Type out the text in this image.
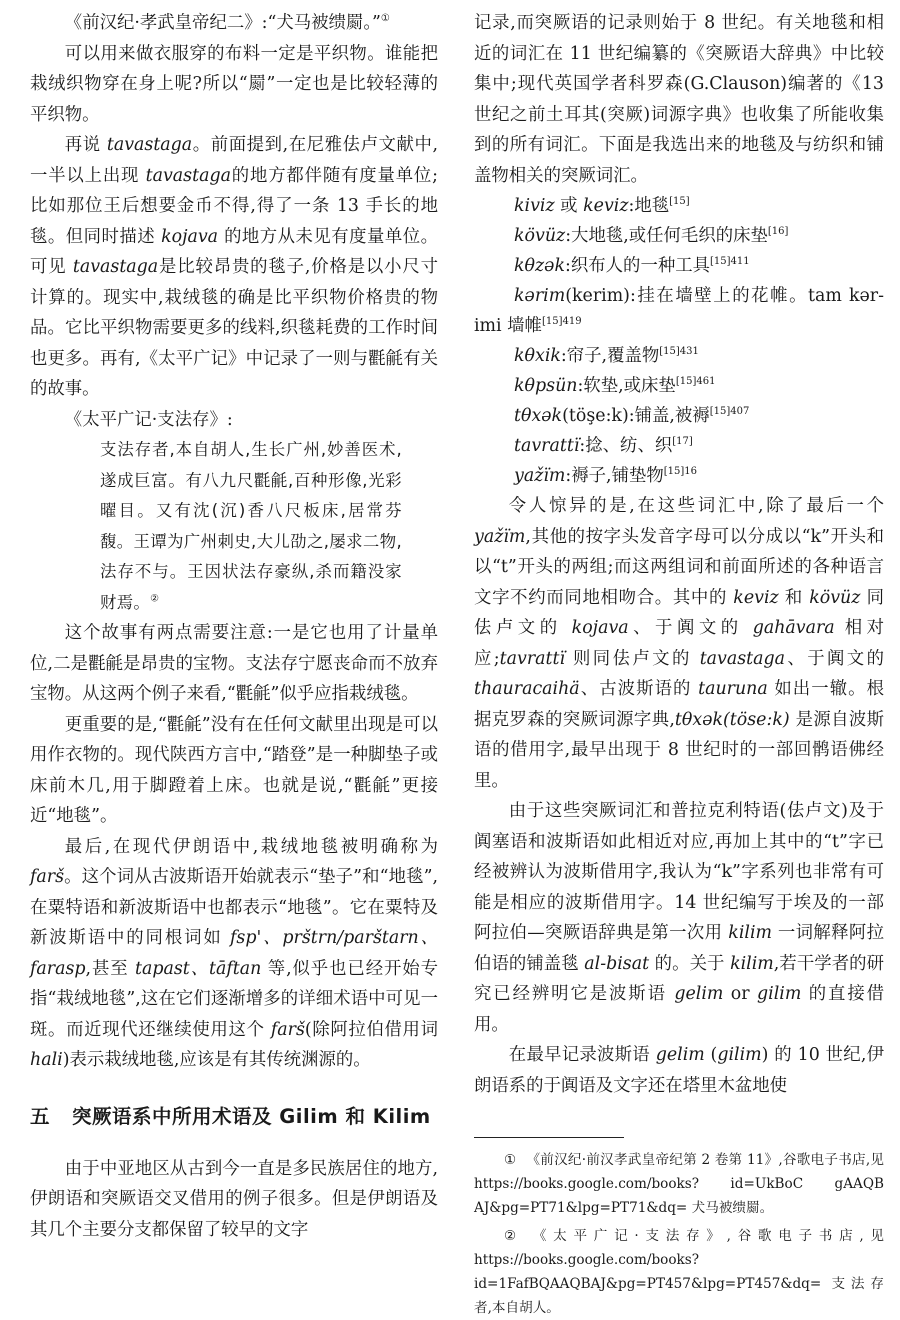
《前汉纪·孝武皇帝纪二》:“犬马被缋罽。”①

可以用来做衣服穿的布料一定是平织物。谁能把栽绒织物穿在身上呢?所以“罽”一定也是比较轻薄的平织物。

再说 tavastaga。前面提到,在尼雅佉卢文献中,一半以上出现 tavastaga的地方都伴随有度量单位;比如那位王后想要金币不得,得了一条 13 手长的地毯。但同时描述 kojava 的地方从未见有度量单位。可见 tavastaga是比较昂贵的毯子,价格是以小尺寸计算的。现实中,栽绒毯的确是比平织物价格贵的物品。它比平织物需要更多的线料,织毯耗费的工作时间也更多。再有,《太平广记》中记录了一则与氍毹有关的故事。

《太平广记·支法存》:

支法存者,本自胡人,生长广州,妙善医术,遂成巨富。有八九尺氍毹,百种形像,光彩曜目。又有沈(沉)香八尺板床,居常芬馥。王谭为广州刺史,大儿劭之,屡求二物,法存不与。王因状法存豪纵,杀而籍没家财焉。②

这个故事有两点需要注意:一是它也用了计量单位,二是氍毹是昂贵的宝物。支法存宁愿丧命而不放弃宝物。从这两个例子来看,“氍毹”似乎应指栽绒毯。

更重要的是,“氍毹”没有在任何文献里出现是可以用作衣物的。现代陕西方言中,“踏登”是一种脚垫子或床前木几,用于脚蹬着上床。也就是说,“氍毹”更接近“地毯”。

最后,在现代伊朗语中,栽绒地毯被明确称为 farš。这个词从古波斯语开始就表示“垫子”和“地毯”,在粟特语和新波斯语中也都表示“地毯”。它在粟特及新波斯语中的同根词如 fsp'、prštrn/parštarn、farasp,甚至 tapast、tāftan 等,似乎也已经开始专指“栽绒地毯”,这在它们逐渐增多的详细术语中可见一斑。而近现代还继续使用这个 farš(除阿拉伯借用词 hali)表示栽绒地毯,应该是有其传统渊源的。

五 突厥语系中所用术语及 Gilim 和 Kilim

由于中亚地区从古到今一直是多民族居住的地方,伊朗语和突厥语交叉借用的例子很多。但是伊朗语及其几个主要分支都保留了较早的文字

记录,而突厥语的记录则始于 8 世纪。有关地毯和相近的词汇在 11 世纪编纂的《突厥语大辞典》中比较集中;现代英国学者科罗森(G.Clauson)编著的《13 世纪之前土耳其(突厥)词源字典》也收集了所能收集到的所有词汇。下面是我选出来的地毯及与纺织和铺盖物相关的突厥词汇。

kiviz 或 keviz:地毯[15]

kövüz:大地毯,或任何毛织的床垫[16]

kθzək:织布人的一种工具$^{[15]411}$

kərim(kerim):挂在墙壁上的花帷。tam kər-imi 墙帷$^{[15]419}$

kθxik:帘子,覆盖物$^{[15]431}$

kθpsün:软垫,或床垫$^{[15]461}$

tθxək(töşe:k):铺盖,被褥$^{[15]407}$

tavrattï:捻、纺、织[17]

yažïm:褥子,铺垫物$^{[15]16}$

令人惊异的是,在这些词汇中,除了最后一个 yažïm,其他的按字头发音字母可以分成以“k”开头和以“t”开头的两组;而这两组词和前面所述的各种语言文字不约而同地相吻合。其中的 keviz 和 kövüz 同佉卢文的 kojava、于阗文的 gahāvara 相对应;tavrattï 则同佉卢文的 tavastaga、于阗文的 thauracaihä、古波斯语的 tauruna 如出一辙。根据克罗森的突厥词源字典,tθxək(töse:k) 是源自波斯语的借用字,最早出现于 8 世纪时的一部回鹘语佛经里。

由于这些突厥词汇和普拉克利特语(佉卢文)及于阗塞语和波斯语如此相近对应,再加上其中的“t”字已经被辨认为波斯借用字,我认为“k”字系列也非常有可能是相应的波斯借用字。14 世纪编写于埃及的一部阿拉伯—突厥语辞典是第一次用 kilim 一词解释阿拉伯语的铺盖毯 al-bisat 的。关于 kilim,若干学者的研究已经辨明它是波斯语 gelim or gilim 的直接借用。

在最早记录波斯语 gelim (gilim) 的 10 世纪,伊朗语系的于阗语及文字还在塔里木盆地使

① 《前汉纪·前汉孝武皇帝纪第 2 卷第 11》,谷歌电子书店,见 https://books.google.com/books? id=UkBoC gAAQB AJ&pg=PT71&lpg=PT71&dq= 犬马被缋罽。
② 《太平广记·支法存》,谷歌电子书店,见 https://books.google.com/books? id=1FafBQAAQBAJ&pg=PT457&lpg=PT457&dq= 支法存者,本自胡人。
